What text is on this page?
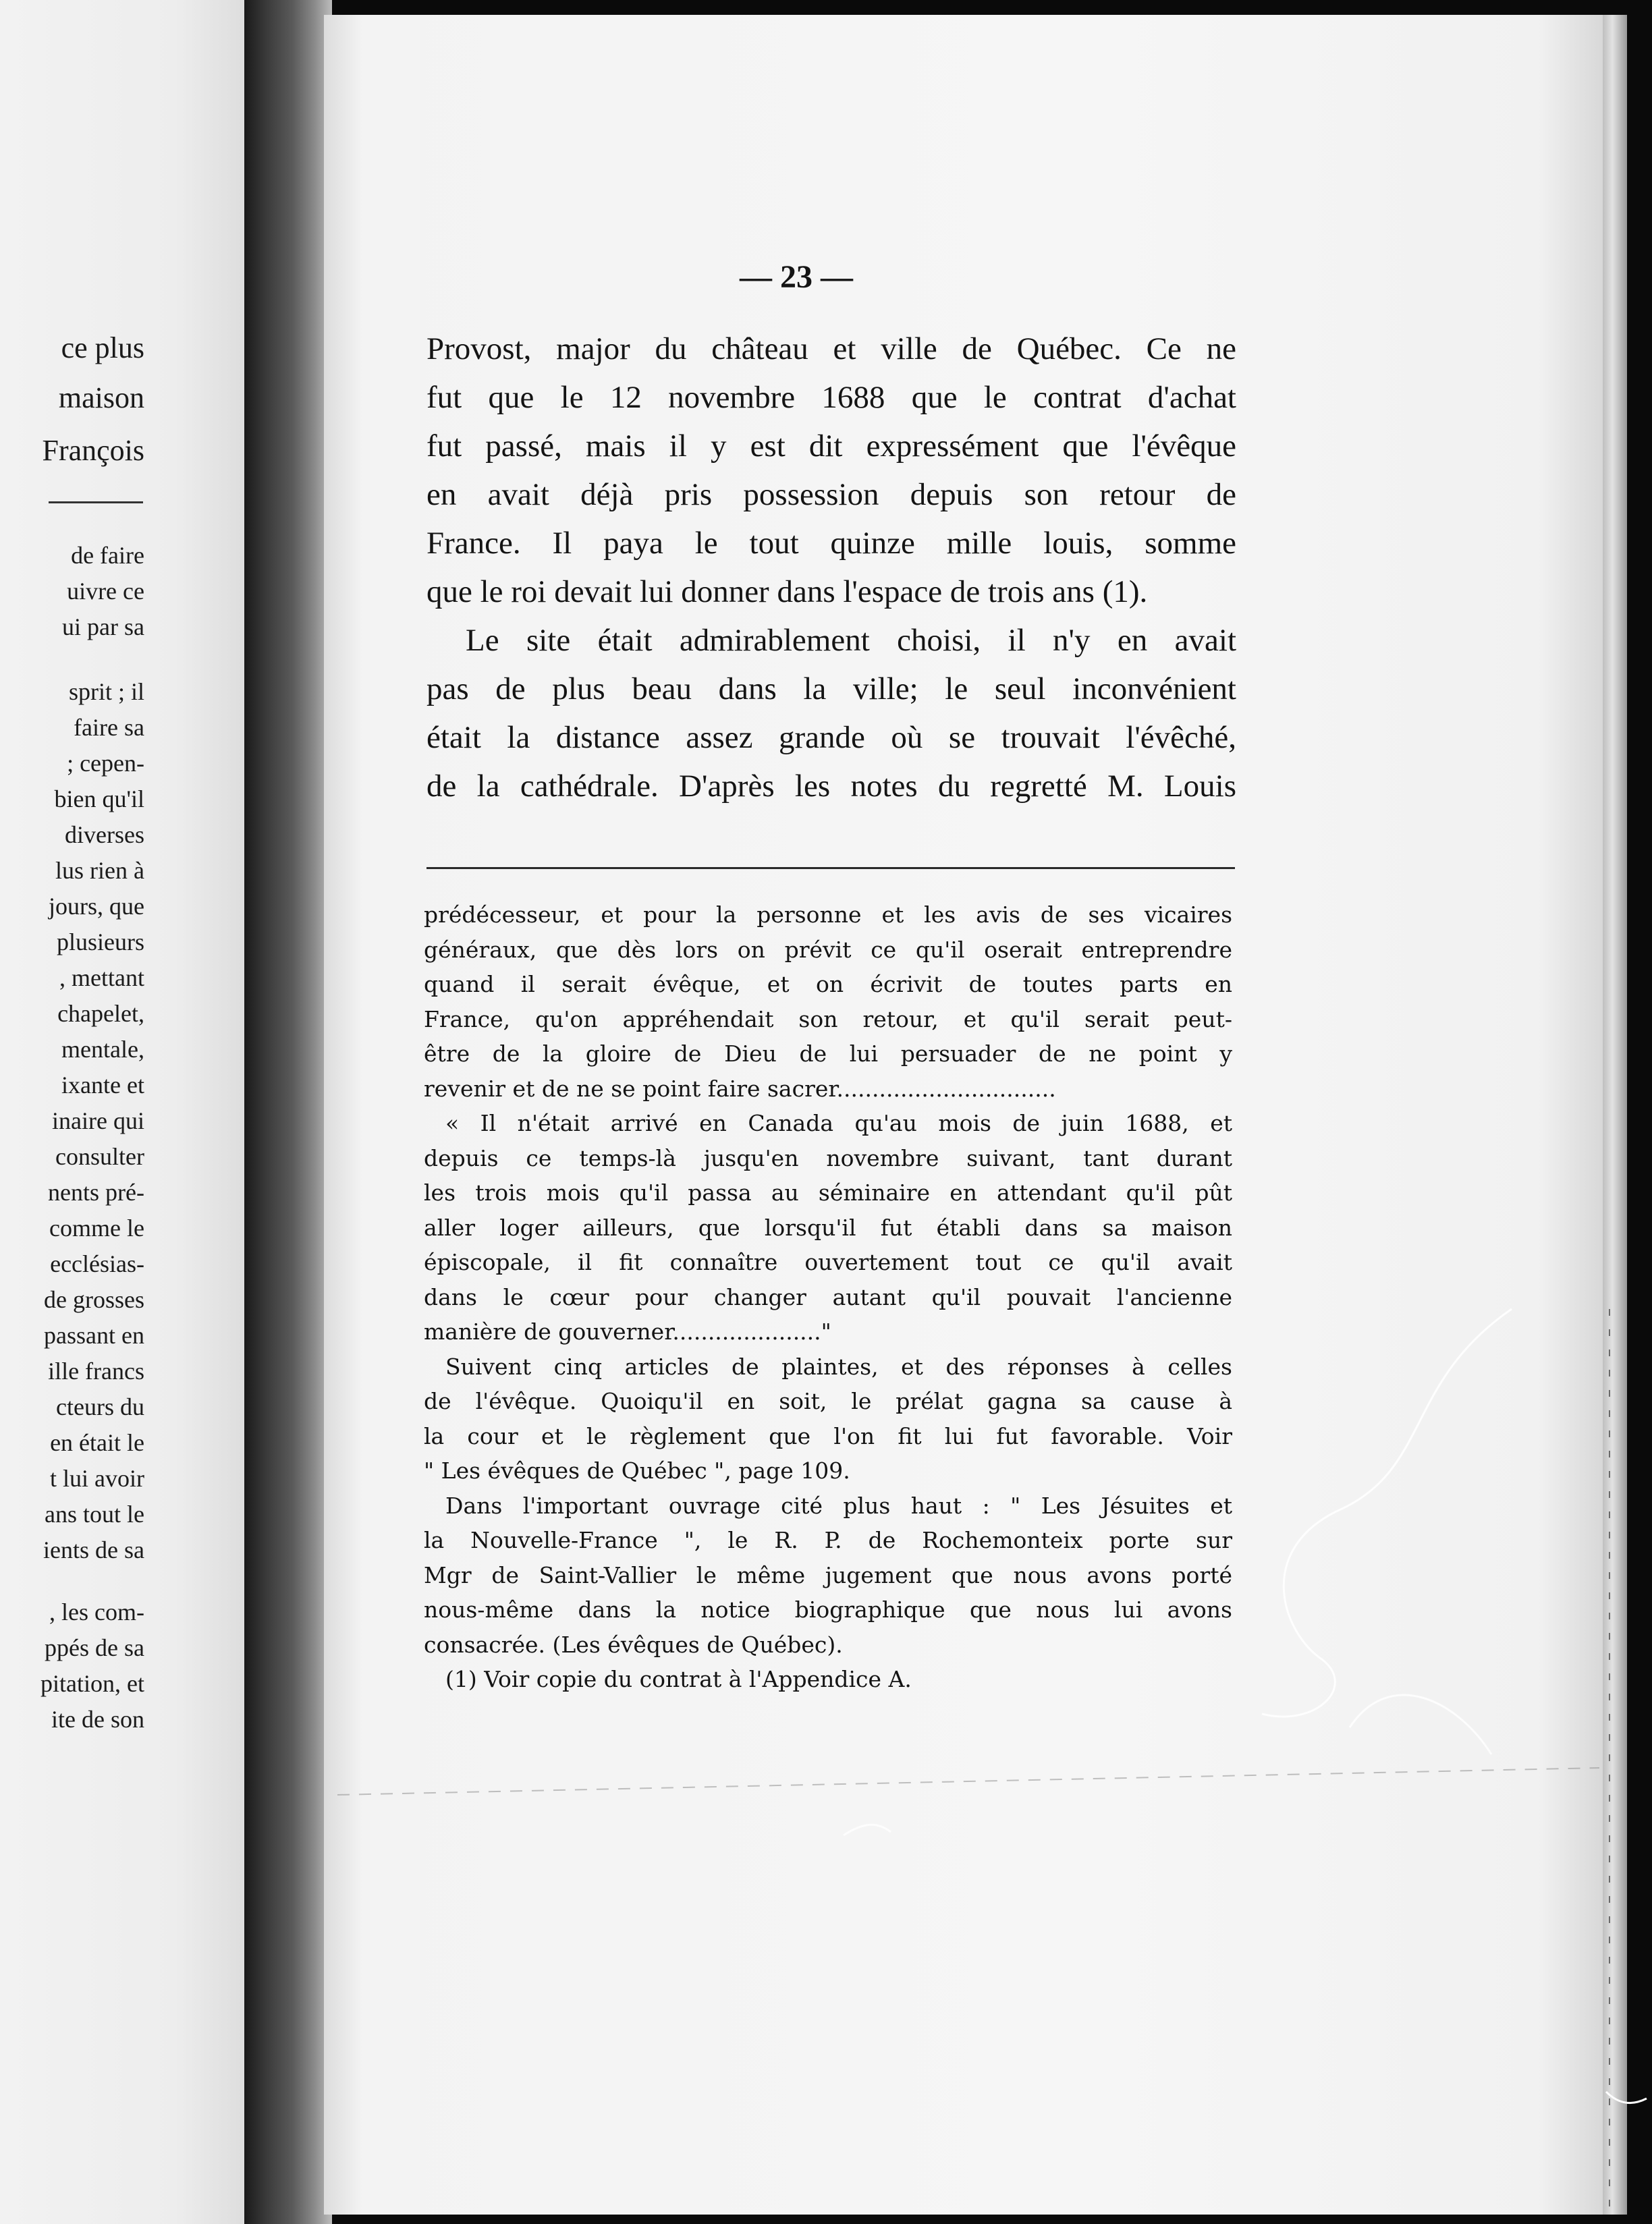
ce plus
maison
François
de faire
uivre ce
ui par sa
sprit ; il
faire sa
; cepen-
bien qu'il
diverses
lus rien à
jours, que
plusieurs
, mettant
chapelet,
mentale,
ixante et
inaire qui
consulter
nents pré-
comme le
ecclésias-
de grosses
passant en
ille francs
cteurs du
en était le
t lui avoir
ans tout le
ients de sa
, les com-
ppés de sa
pitation, et
ite de son
— 23 —
Provost, major du château et ville de Québec. Ce ne
fut que le 12 novembre 1688 que le contrat d'achat
fut passé, mais il y est dit expressément que l'évêque
en avait déjà pris possession depuis son retour de
France. Il paya le tout quinze mille louis, somme
que le roi devait lui donner dans l'espace de trois ans (1).
Le site était admirablement choisi, il n'y en avait
pas de plus beau dans la ville; le seul inconvénient
était la distance assez grande où se trouvait l'évêché,
de la cathédrale. D'après les notes du regretté M. Louis
prédécesseur, et pour la personne et les avis de ses vicaires
généraux, que dès lors on prévit ce qu'il oserait entreprendre
quand il serait évêque, et on écrivit de toutes parts en
France, qu'on appréhendait son retour, et qu'il serait peut-
être de la gloire de Dieu de lui persuader de ne point y
revenir et de ne se point faire sacrer...............................
« Il n'était arrivé en Canada qu'au mois de juin 1688, et
depuis ce temps-là jusqu'en novembre suivant, tant durant
les trois mois qu'il passa au séminaire en attendant qu'il pût
aller loger ailleurs, que lorsqu'il fut établi dans sa maison
épiscopale, il fit connaître ouvertement tout ce qu'il avait
dans le cœur pour changer autant qu'il pouvait l'ancienne
manière de gouverner....................."
Suivent cinq articles de plaintes, et des réponses à celles
de l'évêque. Quoiqu'il en soit, le prélat gagna sa cause à
la cour et le règlement que l'on fit lui fut favorable. Voir
" Les évêques de Québec ", page 109.
Dans l'important ouvrage cité plus haut : " Les Jésuites et
la Nouvelle-France ", le R. P. de Rochemonteix porte sur
Mgr de Saint-Vallier le même jugement que nous avons porté
nous-même dans la notice biographique que nous lui avons
consacrée. (Les évêques de Québec).
(1) Voir copie du contrat à l'Appendice A.
